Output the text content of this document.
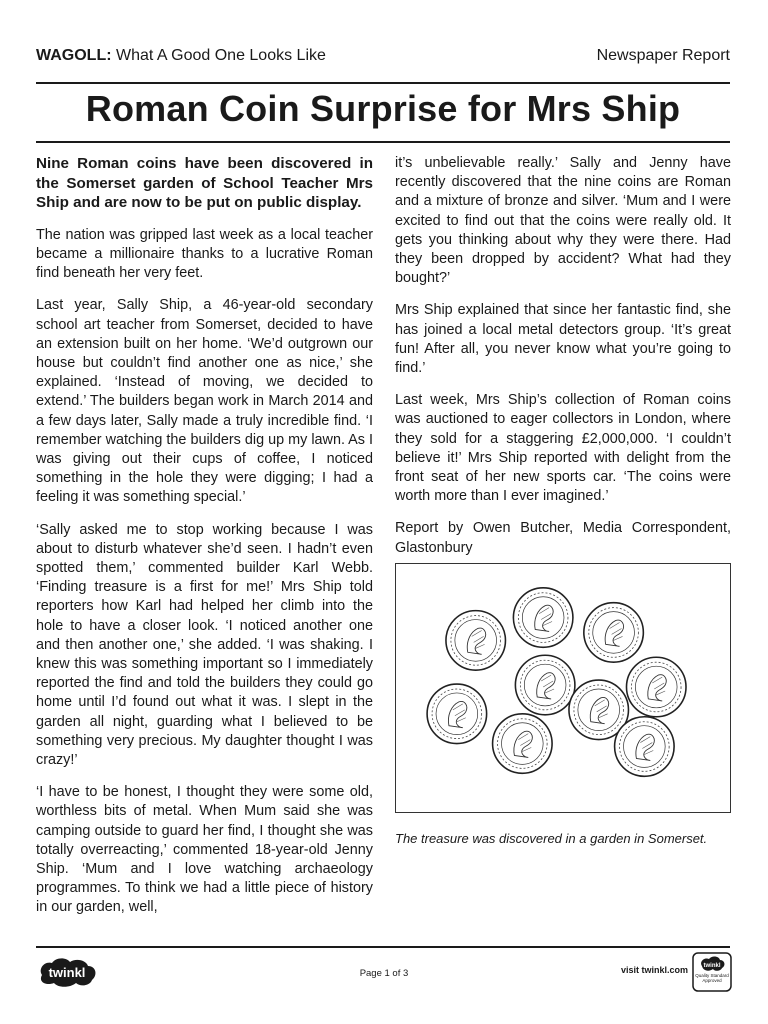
WAGOLL: What A Good One Looks Like	Newspaper Report
Roman Coin Surprise for Mrs Ship

Nine Roman coins have been discovered in the Somerset garden of School Teacher Mrs Ship and are now to be put on public display.

The nation was gripped last week as a local teacher became a millionaire thanks to a lucrative Roman find beneath her very feet.

Last year, Sally Ship, a 46-year-old secondary school art teacher from Somerset, decided to have an extension built on her home. ‘We’d outgrown our house but couldn’t find another one as nice,’ she explained. ‘Instead of moving, we decided to extend.’ The builders began work in March 2014 and a few days later, Sally made a truly incredible find. ‘I remember watching the builders dig up my lawn. As I was giving out their cups of coffee, I noticed something in the hole they were digging; I had a feeling it was something special.’

‘Sally asked me to stop working because I was about to disturb whatever she’d seen. I hadn’t even spotted them,’ commented builder Karl Webb. ‘Finding treasure is a first for me!’ Mrs Ship told reporters how Karl had helped her climb into the hole to have a closer look. ‘I noticed another one and then another one,’ she added. ‘I was shaking. I knew this was something important so I immediately reported the find and told the builders they could go home until I’d found out what it was. I slept in the garden all night, guarding what I believed to be something very precious. My daughter thought I was crazy!’

‘I have to be honest, I thought they were some old, worthless bits of metal. When Mum said she was camping outside to guard her find, I thought she was totally overreacting,’ commented 18-year-old Jenny Ship. ‘Mum and I love watching archaeology programmes. To think we had a little piece of history in our garden, well,

it’s unbelievable really.’ Sally and Jenny have recently discovered that the nine coins are Roman and a mixture of bronze and silver. ‘Mum and I were excited to find out that the coins were really old. It gets you thinking about why they were there. Had they been dropped by accident? What had they bought?’

Mrs Ship explained that since her fantastic find, she has joined a local metal detectors group. ‘It’s great fun! After all, you never know what you’re going to find.’

Last week, Mrs Ship’s collection of Roman coins was auctioned to eager collectors in London, where they sold for a staggering £2,000,000. ‘I couldn’t believe it!’ Mrs Ship reported with delight from the front seat of her new sports car. ‘The coins were worth more than I ever imagined.’

Report by Owen Butcher, Media Correspondent, Glastonbury

The treasure was discovered in a garden in Somerset.
twinkl	Page 1 of 3	visit twinkl.com	twinkl
Quality Standard Approved
